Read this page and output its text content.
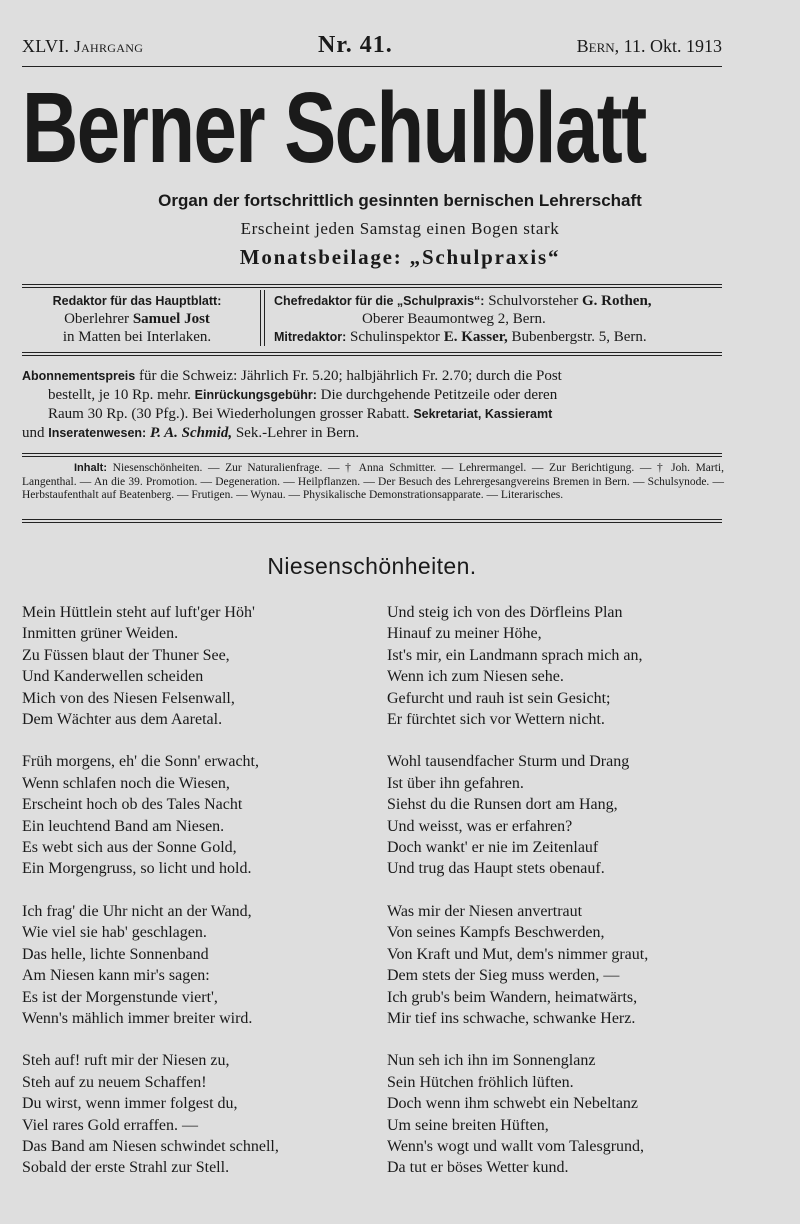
XLVI. Jahrgang	Nr. 41.	Bern, 11. Okt. 1913
Berner Schulblatt
Organ der fortschrittlich gesinnten bernischen Lehrerschaft
Erscheint jeden Samstag einen Bogen stark
Monatsbeilage: „Schulpraxis“
Redaktor für das Hauptblatt:
Oberlehrer Samuel Jost
in Matten bei Interlaken.
Chefredaktor für die „Schulpraxis“: Schulvorsteher G. Rothen,
Oberer Beaumontweg 2, Bern.
Mitredaktor: Schulinspektor E. Kasser, Bubenbergstr. 5, Bern.

Abonnementspreis für die Schweiz: Jährlich Fr. 5.20; halbjährlich Fr. 2.70; durch die Post

bestellt, je 10 Rp. mehr. Einrückungsgebühr: Die durchgehende Petitzeile oder deren

Raum 30 Rp. (30 Pfg.). Bei Wiederholungen grosser Rabatt. Sekretariat, Kassieramt

und Inseratenwesen: P. A. Schmid, Sek.-Lehrer in Bern.

Inhalt: Niesenschönheiten. — Zur Naturalienfrage. — † Anna Schmitter. — Lehrermangel. — Zur Berichtigung. — † Joh. Marti, Langenthal. — An die 39. Promotion. — Degeneration. — Heilpflanzen. — Der Besuch des Lehrergesangvereins Bremen in Bern. — Schulsynode. — Herbstaufenthalt auf Beatenberg. — Frutigen. — Wynau. — Physikalische Demonstrationsapparate. — Literarisches.
Niesenschönheiten.
Mein Hüttlein steht auf luft'ger Höh'
Inmitten grüner Weiden.
Zu Füssen blaut der Thuner See,
Und Kanderwellen scheiden
Mich von des Niesen Felsenwall,
Dem Wächter aus dem Aaretal.
Früh morgens, eh' die Sonn' erwacht,
Wenn schlafen noch die Wiesen,
Erscheint hoch ob des Tales Nacht
Ein leuchtend Band am Niesen.
Es webt sich aus der Sonne Gold,
Ein Morgengruss, so licht und hold.
Ich frag' die Uhr nicht an der Wand,
Wie viel sie hab' geschlagen.
Das helle, lichte Sonnenband
Am Niesen kann mir's sagen:
Es ist der Morgenstunde viert',
Wenn's mählich immer breiter wird.
Steh auf! ruft mir der Niesen zu,
Steh auf zu neuem Schaffen!
Du wirst, wenn immer folgest du,
Viel rares Gold erraffen. —
Das Band am Niesen schwindet schnell,
Sobald der erste Strahl zur Stell.
Und steig ich von des Dörfleins Plan
Hinauf zu meiner Höhe,
Ist's mir, ein Landmann sprach mich an,
Wenn ich zum Niesen sehe.
Gefurcht und rauh ist sein Gesicht;
Er fürchtet sich vor Wettern nicht.
Wohl tausendfacher Sturm und Drang
Ist über ihn gefahren.
Siehst du die Runsen dort am Hang,
Und weisst, was er erfahren?
Doch wankt' er nie im Zeitenlauf
Und trug das Haupt stets obenauf.
Was mir der Niesen anvertraut
Von seines Kampfs Beschwerden,
Von Kraft und Mut, dem's nimmer graut,
Dem stets der Sieg muss werden, —
Ich grub's beim Wandern, heimatwärts,
Mir tief ins schwache, schwanke Herz.
Nun seh ich ihn im Sonnenglanz
Sein Hütchen fröhlich lüften.
Doch wenn ihm schwebt ein Nebeltanz
Um seine breiten Hüften,
Wenn's wogt und wallt vom Talesgrund,
Da tut er böses Wetter kund.
